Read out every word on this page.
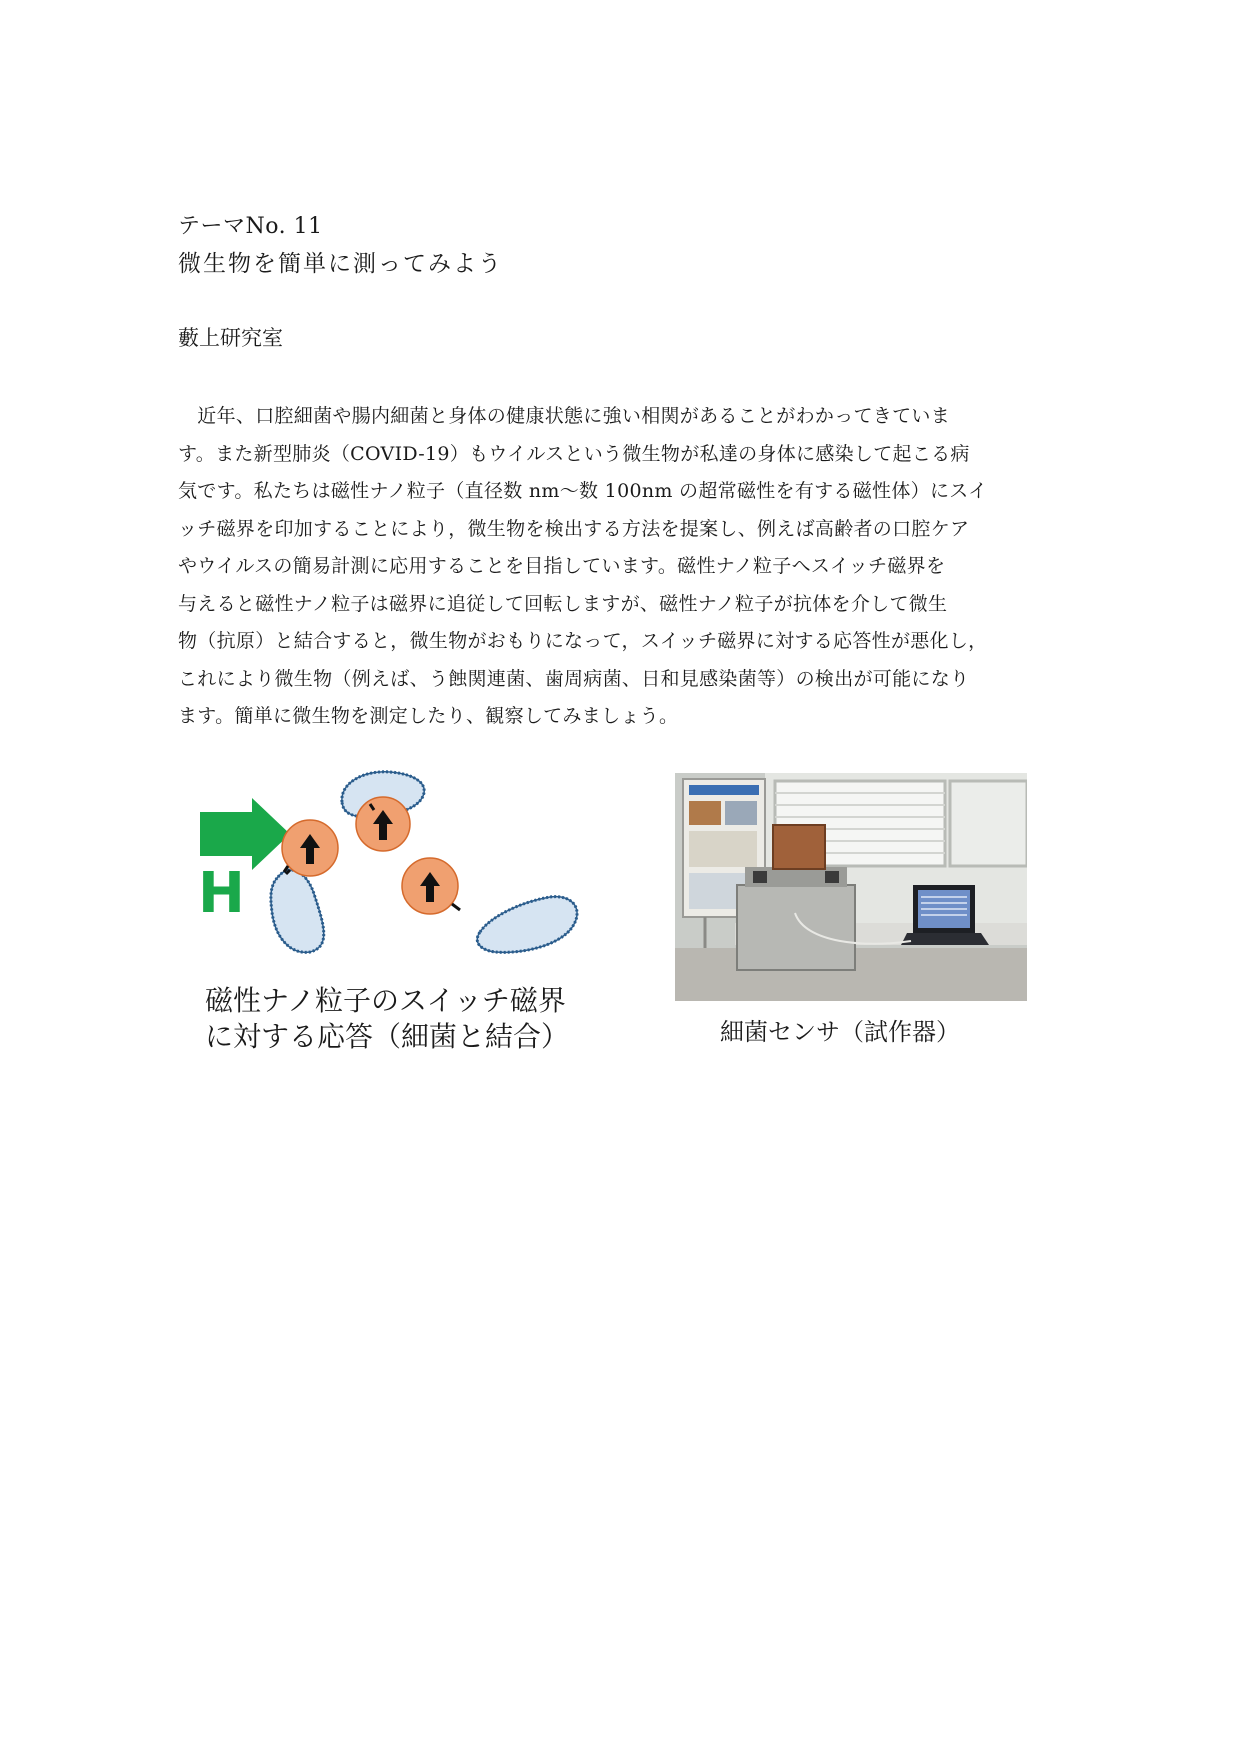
テーマNo. 11
微生物を簡単に測ってみよう
藪上研究室
　近年、口腔細菌や腸内細菌と身体の健康状態に強い相関があることがわかってきていま
す。また新型肺炎（COVID-19）もウイルスという微生物が私達の身体に感染して起こる病
気です。私たちは磁性ナノ粒子（直径数 nm～数 100nm の超常磁性を有する磁性体）にスイ
ッチ磁界を印加することにより，微生物を検出する方法を提案し、例えば高齢者の口腔ケア
やウイルスの簡易計測に応用することを目指しています。磁性ナノ粒子へスイッチ磁界を
与えると磁性ナノ粒子は磁界に追従して回転しますが、磁性ナノ粒子が抗体を介して微生
物（抗原）と結合すると，微生物がおもりになって，スイッチ磁界に対する応答性が悪化し，
これにより微生物（例えば、う蝕関連菌、歯周病菌、日和見感染菌等）の検出が可能になり
ます。簡単に微生物を測定したり、観察してみましょう。
H
磁性ナノ粒子のスイッチ磁界
に対する応答（細菌と結合）	細菌センサ（試作器）
